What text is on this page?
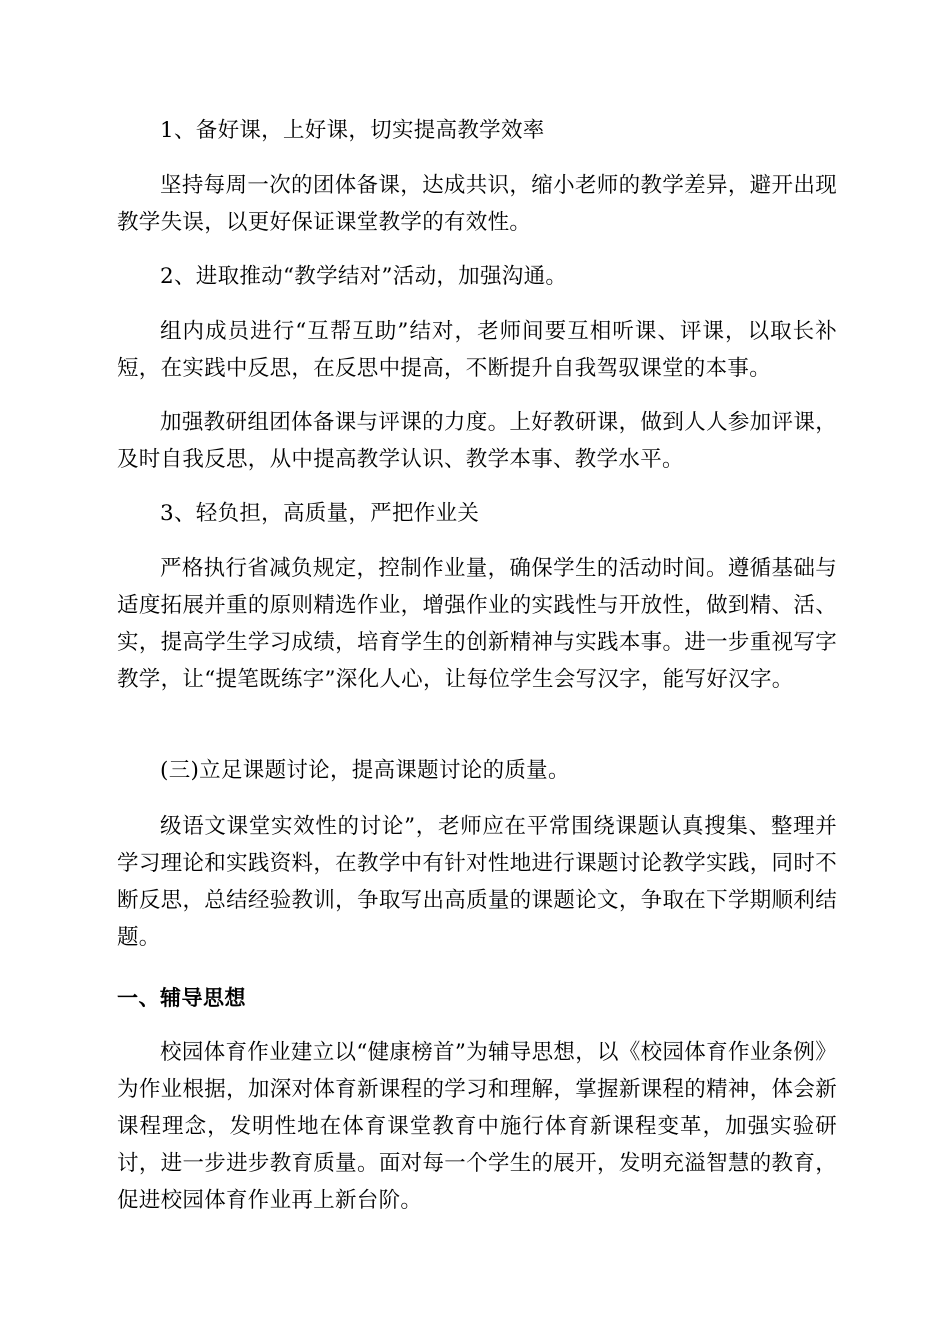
1、备好课，上好课，切实提高教学效率

坚持每周一次的团体备课，达成共识，缩小老师的教学差异，避开出现教学失误，以更好保证课堂教学的有效性。

2、进取推动“教学结对”活动，加强沟通。

组内成员进行“互帮互助”结对，老师间要互相听课、评课，以取长补短，在实践中反思，在反思中提高，不断提升自我驾驭课堂的本事。

加强教研组团体备课与评课的力度。上好教研课，做到人人参加评课，及时自我反思，从中提高教学认识、教学本事、教学水平。

3、轻负担，高质量，严把作业关

严格执行省减负规定，控制作业量，确保学生的活动时间。遵循基础与适度拓展并重的原则精选作业，增强作业的实践性与开放性，做到精、活、实，提高学生学习成绩，培育学生的创新精神与实践本事。进一步重视写字教学，让“提笔既练字”深化人心，让每位学生会写汉字，能写好汉字。

(三)立足课题讨论，提高课题讨论的质量。

级语文课堂实效性的讨论”，老师应在平常围绕课题认真搜集、整理并学习理论和实践资料，在教学中有针对性地进行课题讨论教学实践，同时不断反思，总结经验教训，争取写出高质量的课题论文，争取在下学期顺利结题。

一、辅导思想

校园体育作业建立以“健康榜首”为辅导思想，以《校园体育作业条例》为作业根据，加深对体育新课程的学习和理解，掌握新课程的精神，体会新课程理念，发明性地在体育课堂教育中施行体育新课程变革，加强实验研讨，进一步进步教育质量。面对每一个学生的展开，发明充溢智慧的教育，促进校园体育作业再上新台阶。
